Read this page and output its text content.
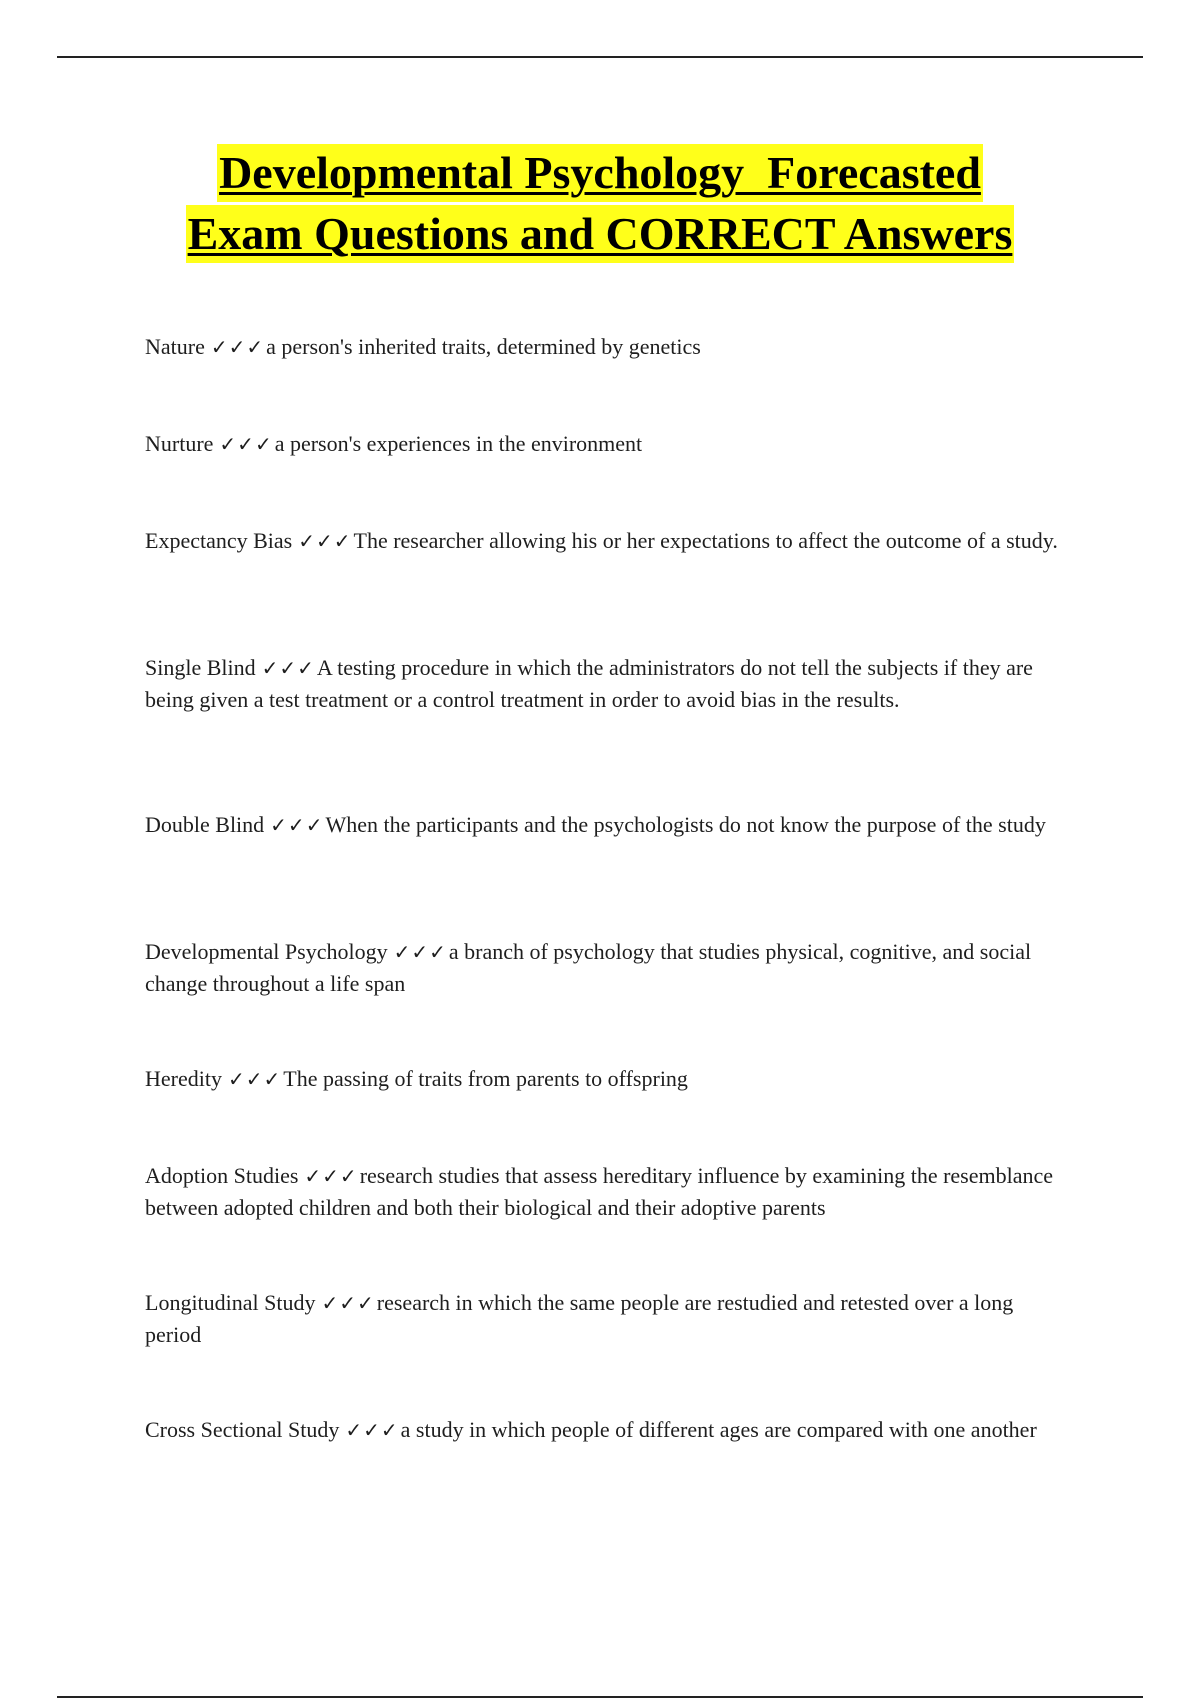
Developmental Psychology  Forecasted
Exam Questions and CORRECT Answers
Nature ✓✓✓a person's inherited traits, determined by genetics
Nurture ✓✓✓a person's experiences in the environment
Expectancy Bias ✓✓✓The researcher allowing his or her expectations to affect the outcome of a study.
Single Blind ✓✓✓A testing procedure in which the administrators do not tell the subjects if they are being given a test treatment or a control treatment in order to avoid bias in the results.
Double Blind ✓✓✓When the participants and the psychologists do not know the purpose of the study
Developmental Psychology ✓✓✓a branch of psychology that studies physical, cognitive, and social change throughout a life span
Heredity ✓✓✓The passing of traits from parents to offspring
Adoption Studies ✓✓✓research studies that assess hereditary influence by examining the resemblance between adopted children and both their biological and their adoptive parents
Longitudinal Study ✓✓✓research in which the same people are restudied and retested over a long period
Cross Sectional Study ✓✓✓a study in which people of different ages are compared with one another
